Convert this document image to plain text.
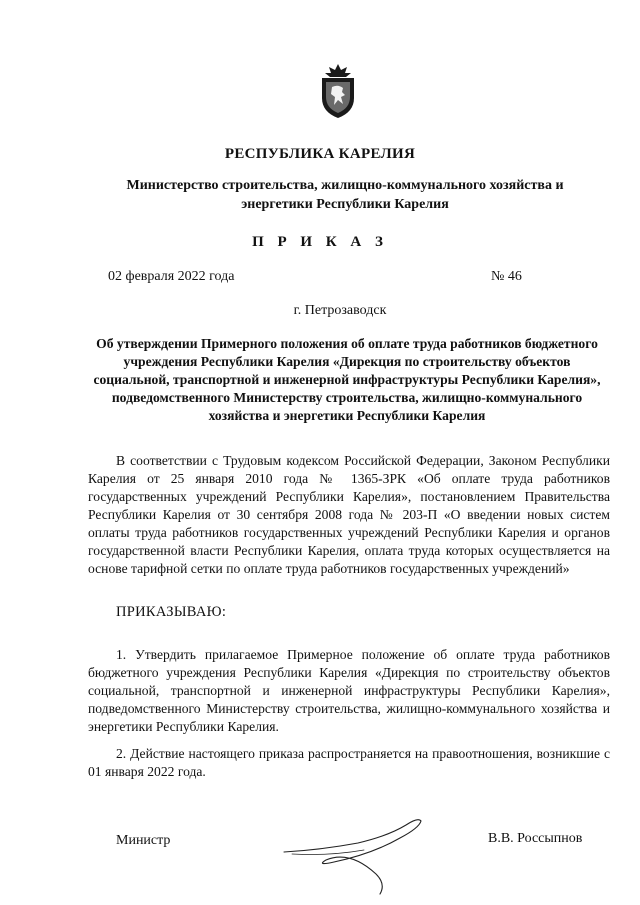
РЕСПУБЛИКА КАРЕЛИЯ
Министерство строительства, жилищно-коммунального хозяйства и энергетики Республики Карелия
П Р И К А З
02 февраля 2022 года	№ 46
г. Петрозаводск
Об утверждении Примерного положения об оплате труда работников бюджетного учреждения Республики Карелия «Дирекция по строительству объектов социальной, транспортной и инженерной инфраструктуры Республики Карелия», подведомственного Министерству строительства, жилищно-коммунального хозяйства и энергетики Республики Карелия
В соответствии с Трудовым кодексом Российской Федерации, Законом Республики Карелия от 25 января 2010 года № 1365-ЗРК «Об оплате труда работников государственных учреждений Республики Карелия», постановлением Правительства Республики Карелия от 30 сентября 2008 года № 203-П «О введении новых систем оплаты труда работников государственных учреждений Республики Карелия и органов государственной власти Республики Карелия, оплата труда которых осуществляется на основе тарифной сетки по оплате труда работников государственных учреждений»
ПРИКАЗЫВАЮ:
1. Утвердить прилагаемое Примерное положение об оплате труда работников бюджетного учреждения Республики Карелия «Дирекция по строительству объектов социальной, транспортной и инженерной инфраструктуры Республики Карелия», подведомственного Министерству строительства, жилищно-коммунального хозяйства и энергетики Республики Карелия.
2. Действие настоящего приказа распространяется на правоотношения, возникшие с 01 января 2022 года.
Министр	В.В. Россыпнов
